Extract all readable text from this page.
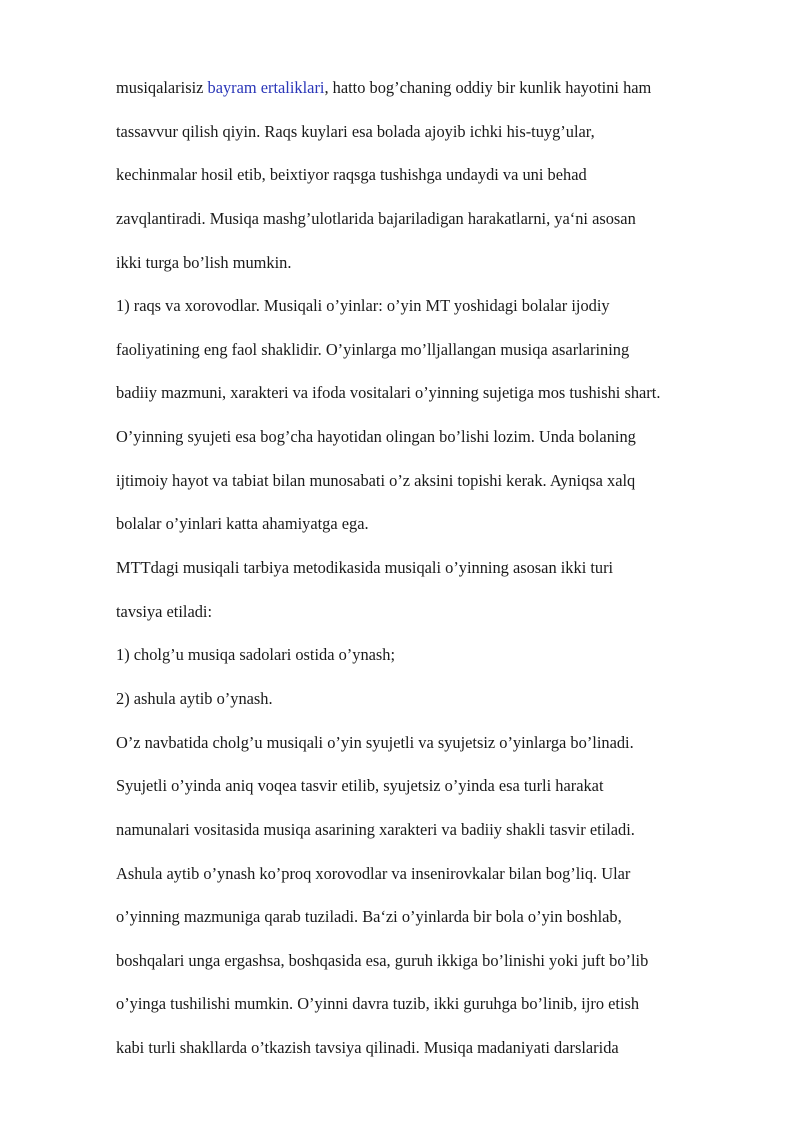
musiqalarisiz bayram ertaliklari, hatto bog’chaning oddiy bir kunlik hayotini ham
tassavvur qilish qiyin. Raqs kuylari esa bolada ajoyib ichki his-tuyg’ular,
kechinmalar hosil etib, beixtiyor raqsga tushishga undaydi va uni behad
zavqlantiradi. Musiqa mashg’ulotlarida bajariladigan harakatlarni, ya‘ni asosan
ikki turga bo’lish mumkin.
1) raqs va xorovodlar. Musiqali o’yinlar: o’yin MT yoshidagi bolalar ijodiy
faoliyatining eng faol shaklidir. O’yinlarga mo’lljallangan musiqa asarlarining
badiiy mazmuni, xarakteri va ifoda vositalari o’yinning sujetiga mos tushishi shart.
O’yinning syujeti esa bog’cha hayotidan olingan bo’lishi lozim. Unda bolaning
ijtimoiy hayot va tabiat bilan munosabati o’z aksini topishi kerak. Ayniqsa xalq
bolalar o’yinlari katta ahamiyatga ega.
MTTdagi musiqali tarbiya metodikasida musiqali o’yinning asosan ikki turi
tavsiya etiladi:
1) cholg’u musiqa sadolari ostida o’ynash;
2) ashula aytib o’ynash.
O’z navbatida cholg’u musiqali o’yin syujetli va syujetsiz o’yinlarga bo’linadi.
Syujetli o’yinda aniq voqea tasvir etilib, syujetsiz o’yinda esa turli harakat
namunalari vositasida musiqa asarining xarakteri va badiiy shakli tasvir etiladi.
Ashula aytib o’ynash ko’proq xorovodlar va insenirovkalar bilan bog’liq. Ular
o’yinning mazmuniga qarab tuziladi. Ba‘zi o’yinlarda bir bola o’yin boshlab,
boshqalari unga ergashsa, boshqasida esa, guruh ikkiga bo’linishi yoki juft bo’lib
o’yinga tushilishi mumkin. O’yinni davra tuzib, ikki guruhga bo’linib, ijro etish
kabi turli shakllarda o’tkazish tavsiya qilinadi. Musiqa madaniyati darslarida
